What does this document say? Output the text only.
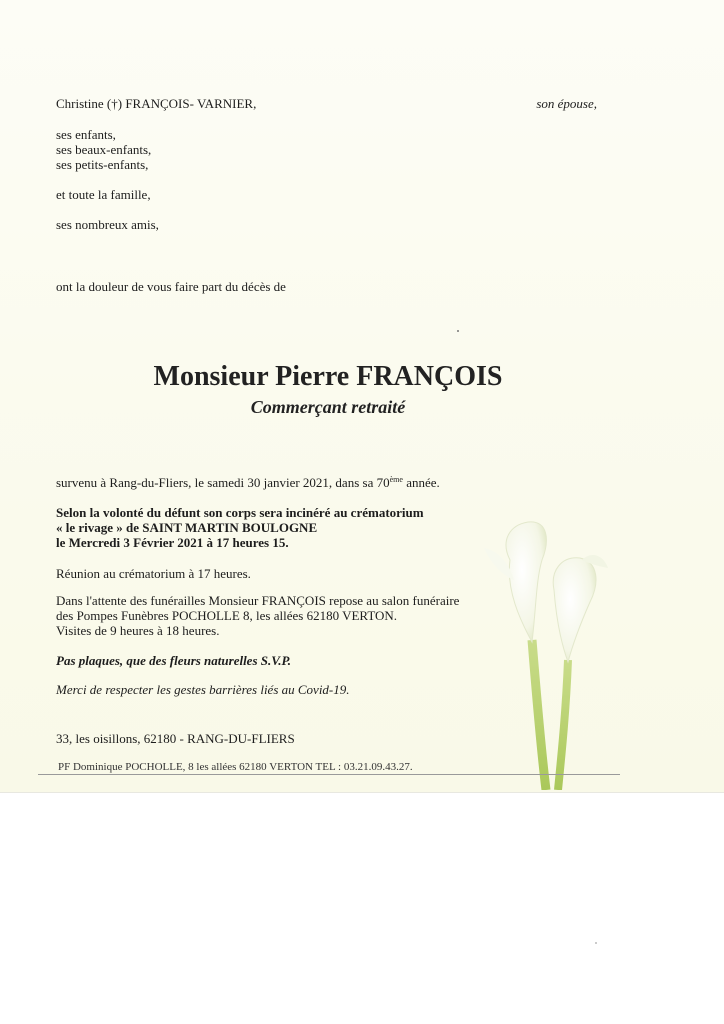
Christine (†) FRANÇOIS- VARNIER,	son épouse,
ses enfants,
ses beaux-enfants,
ses petits-enfants,
et toute la famille,
ses nombreux amis,
ont la douleur de vous faire part du décès de
Monsieur Pierre FRANÇOIS
Commerçant retraité
survenu à Rang-du-Fliers, le samedi 30 janvier 2021, dans sa 70ème année.
Selon la volonté du défunt son corps sera incinéré au crématorium
« le rivage » de SAINT MARTIN BOULOGNE
le Mercredi 3 Février 2021 à 17 heures 15.
Réunion au crématorium à 17 heures.
Dans l'attente des funérailles Monsieur FRANÇOIS repose au salon funéraire
des Pompes Funèbres POCHOLLE 8, les allées 62180 VERTON.
Visites de 9 heures à 18 heures.
Pas plaques, que des fleurs naturelles S.V.P.
Merci de respecter les gestes barrières liés au Covid-19.
33, les oisillons, 62180 - RANG-DU-FLIERS
PF Dominique POCHOLLE, 8 les allées 62180 VERTON TEL : 03.21.09.43.27.
